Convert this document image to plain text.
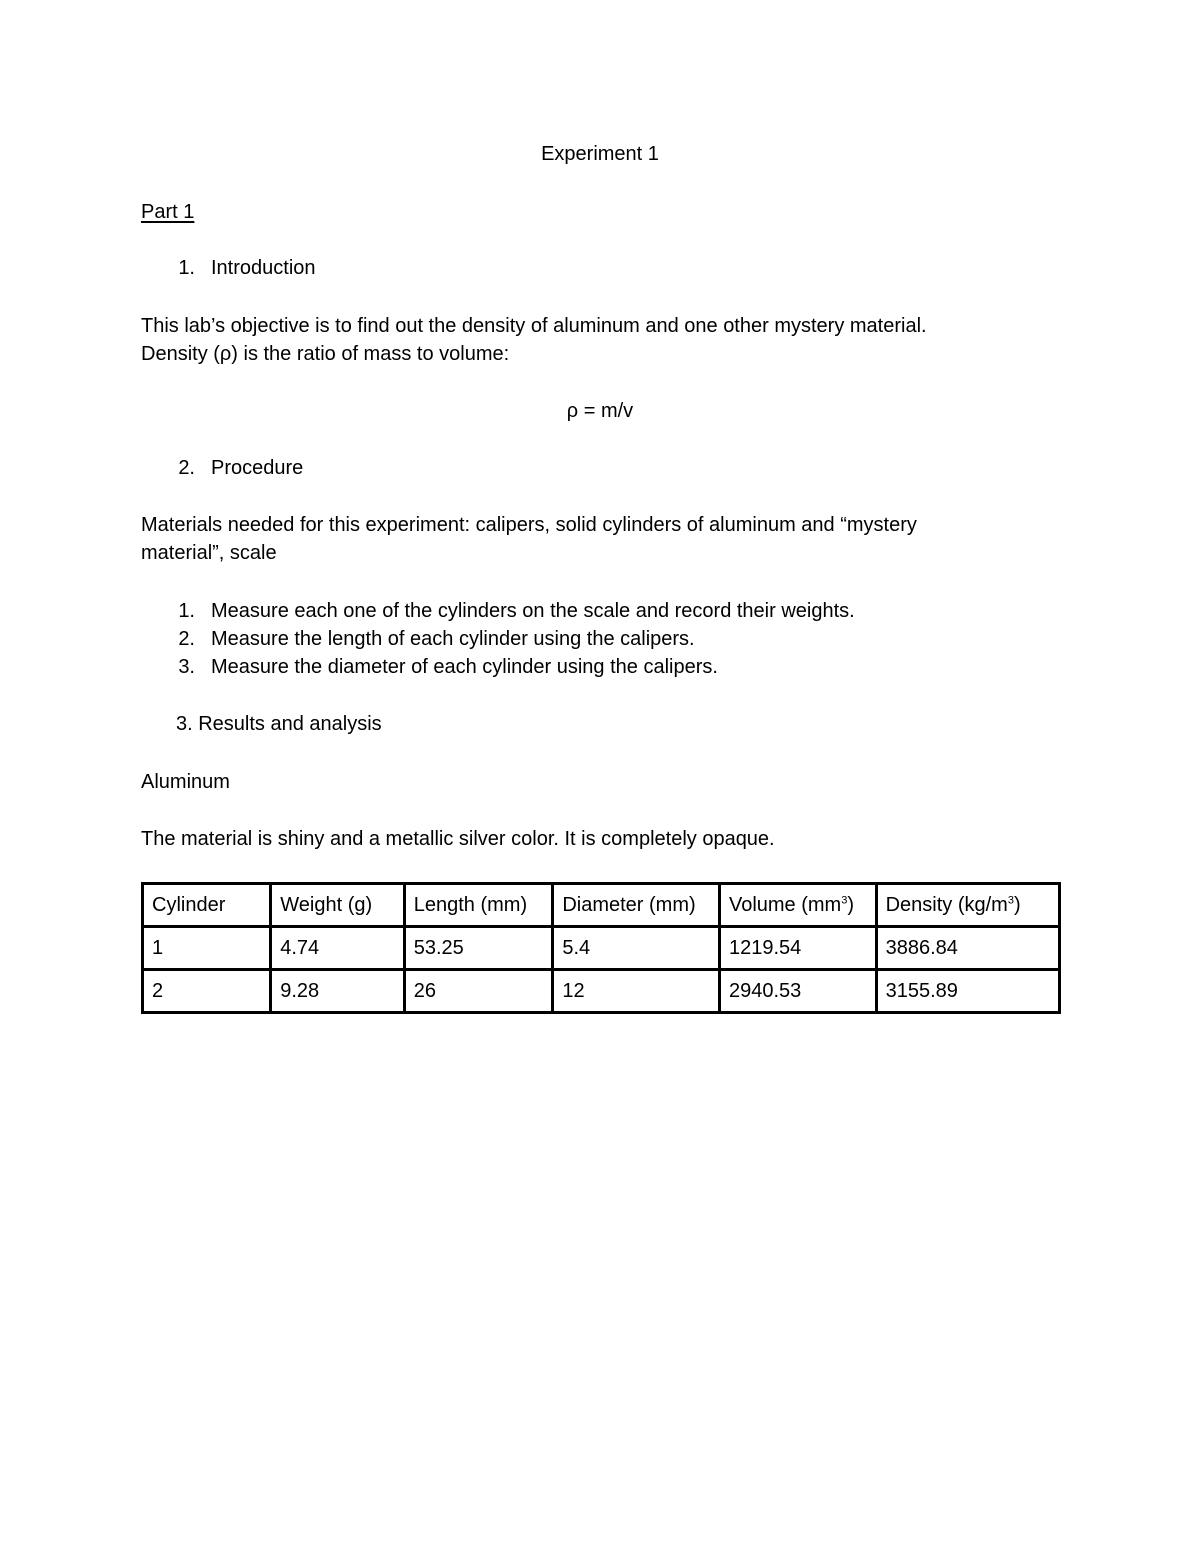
Experiment 1
Part 1
1. Introduction
This lab’s objective is to find out the density of aluminum and one other mystery material.
Density (ρ) is the ratio of mass to volume:
ρ = m/v
2. Procedure
Materials needed for this experiment: calipers, solid cylinders of aluminum and “mystery
material”, scale
1. Measure each one of the cylinders on the scale and record their weights.
2. Measure the length of each cylinder using the calipers.
3. Measure the diameter of each cylinder using the calipers.
3. Results and analysis
Aluminum
The material is shiny and a metallic silver color. It is completely opaque.
Cylinder	Weight (g)	Length (mm)	Diameter (mm)	Volume $(mm^3)$	Density $(kg/m^3)$
1	4.74	53.25	5.4	1219.54	3886.84
2	9.28	26	12	2940.53	3155.89
